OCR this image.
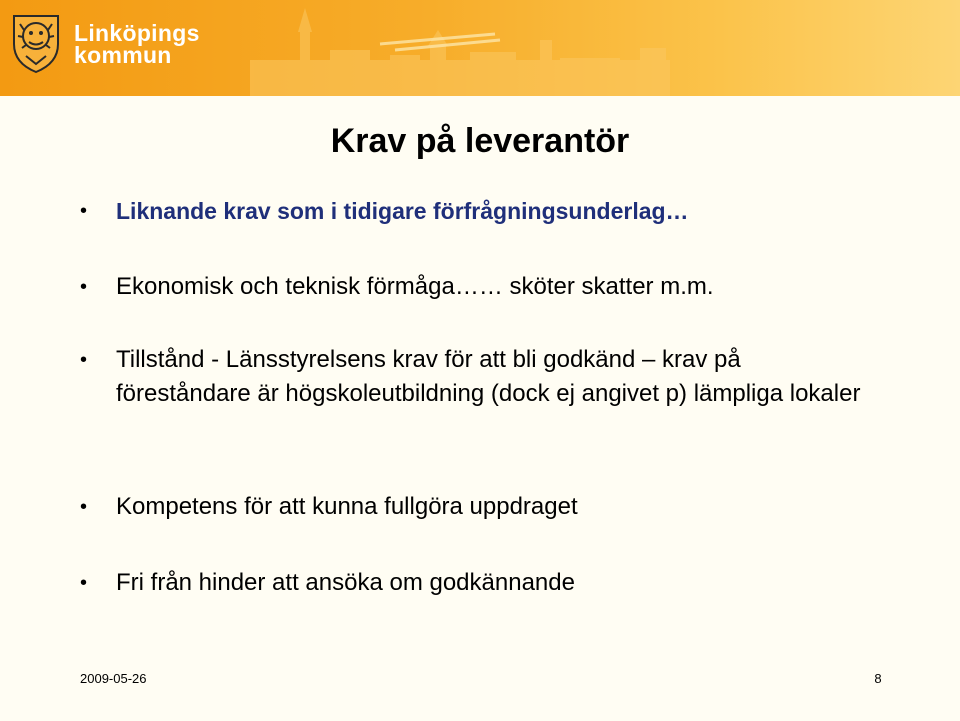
Linköpings
kommun
Krav på leverantör
•	Liknande krav som i tidigare förfrågningsunderlag…
•	Ekonomisk och teknisk förmåga…… sköter skatter m.m.
•	Tillstånd - Länsstyrelsens krav för att bli godkänd – krav på föreståndare är högskoleutbildning (dock ej angivet p) lämpliga lokaler
•	Kompetens för att kunna fullgöra uppdraget
•	Fri från hinder att ansöka om godkännande
2009-05-26	8
